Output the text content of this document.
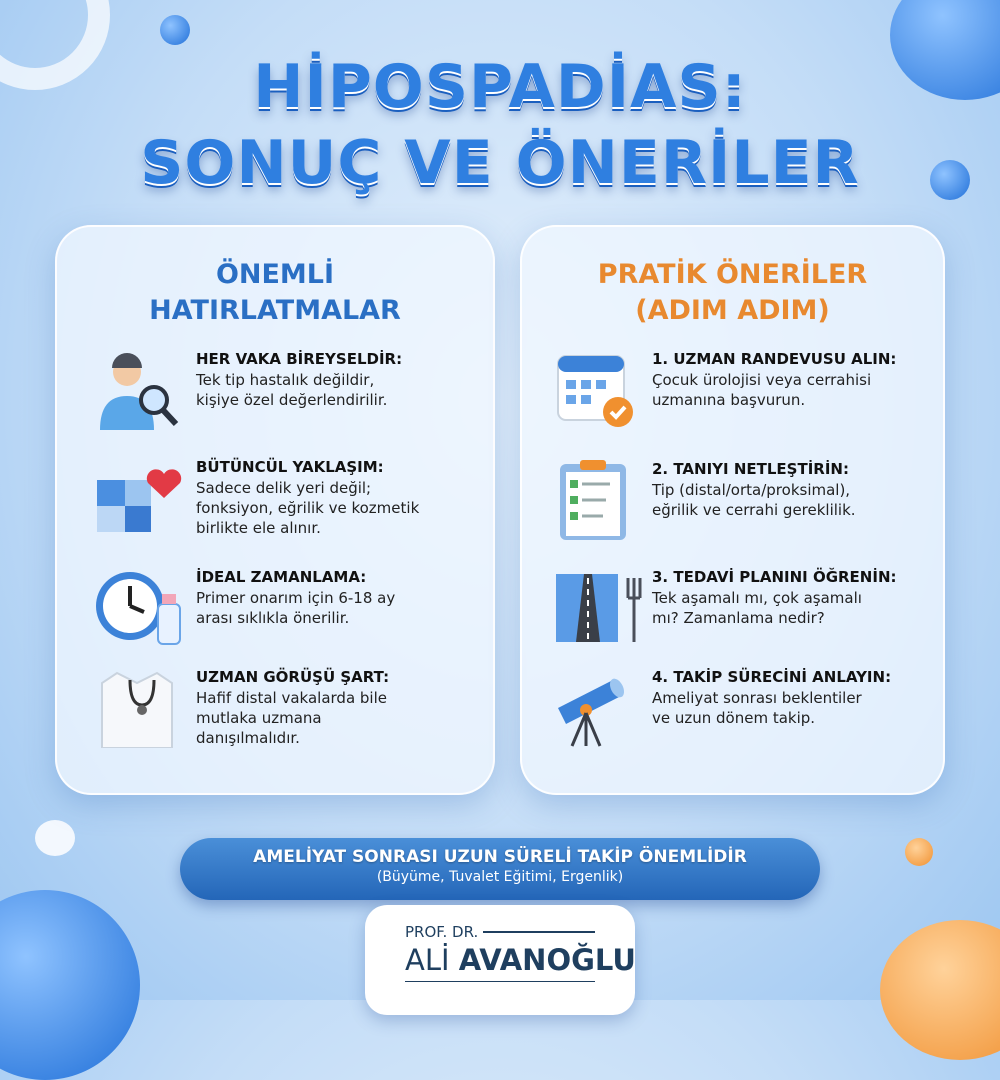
HİPOSPADİAS:
SONUÇ VE ÖNERİLER
ÖNEMLİ
HATIRLATMALAR
PRATİK ÖNERİLER
(ADIM ADIM)
HER VAKA BİREYSELDİR:
Tek tip hastalık değildir,
kişiye özel değerlendirilir.
BÜTÜNCÜL YAKLAŞIM:
Sadece delik yeri değil;
fonksiyon, eğrilik ve kozmetik
birlikte ele alınır.
İDEAL ZAMANLAMA:
Primer onarım için 6-18 ay
arası sıklıkla önerilir.
UZMAN GÖRÜŞÜ ŞART:
Hafif distal vakalarda bile
mutlaka uzmana
danışılmalıdır.
1. UZMAN RANDEVUSU ALIN:
Çocuk ürolojisi veya cerrahisi
uzmanına başvurun.
2. TANIYI NETLEŞTİRİN:
Tip (distal/orta/proksimal),
eğrilik ve cerrahi gereklilik.
3. TEDAVİ PLANINI ÖĞRENİN:
Tek aşamalı mı, çok aşamalı
mı? Zamanlama nedir?
4. TAKİP SÜRECİNİ ANLAYIN:
Ameliyat sonrası beklentiler
ve uzun dönem takip.
AMELİYAT SONRASI UZUN SÜRELİ TAKİP ÖNEMLİDİR
(Büyüme, Tuvalet Eğitimi, Ergenlik)
PROF. DR.
ALİ AVANOĞLU
